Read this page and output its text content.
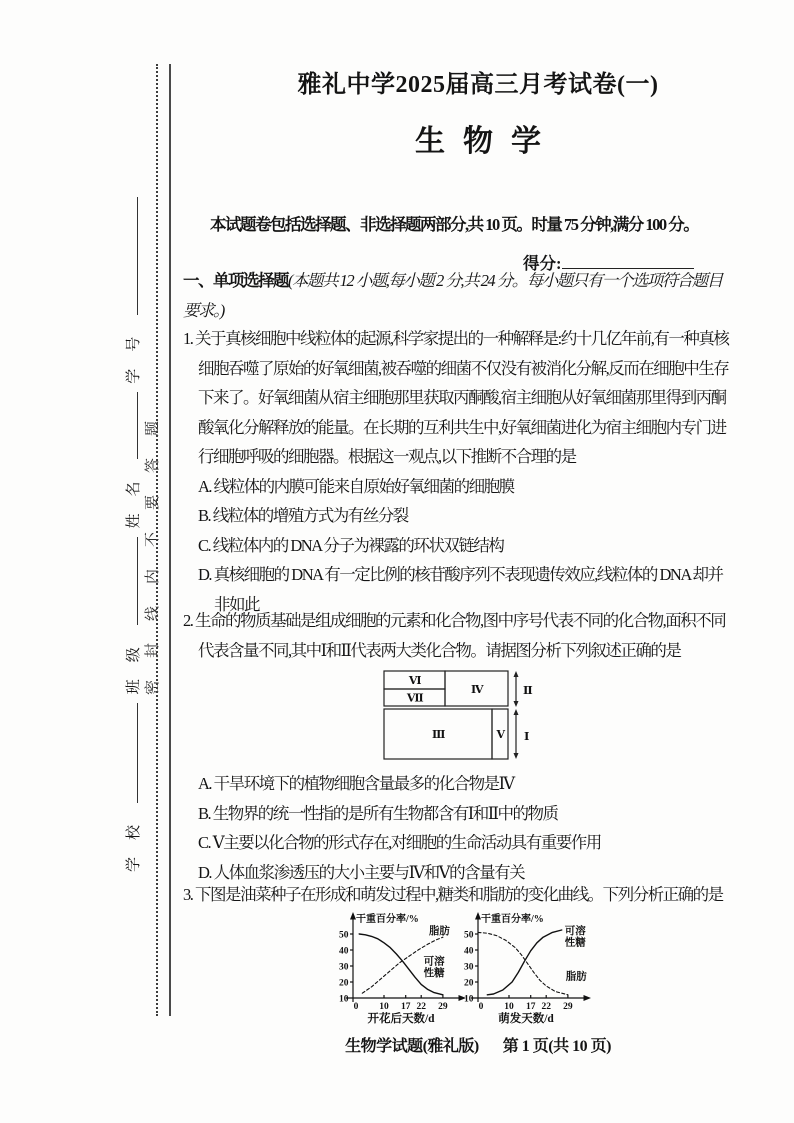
学校 班级 姓名 学号
密封线内不要答题
雅礼中学2025届高三月考试卷(一)
生物学
本试题卷包括选择题、非选择题两部分,共 10 页。时量 75 分钟,满分 100 分。
得分:
一、单项选择题(本题共 12 小题,每小题 2 分,共 24 分。每小题只有一个选项符合题目要求。)
1. 关于真核细胞中线粒体的起源,科学家提出的一种解释是:约十几亿年前,有一种真核细胞吞噬了原始的好氧细菌,被吞噬的细菌不仅没有被消化分解,反而在细胞中生存下来了。好氧细菌从宿主细胞那里获取丙酮酸,宿主细胞从好氧细菌那里得到丙酮酸氧化分解释放的能量。在长期的互利共生中,好氧细菌进化为宿主细胞内专门进行细胞呼吸的细胞器。根据这一观点,以下推断不合理的是
A. 线粒体的内膜可能来自原始好氧细菌的细胞膜
B. 线粒体的增殖方式为有丝分裂
C. 线粒体内的 DNA 分子为裸露的环状双链结构
D. 真核细胞的 DNA 有一定比例的核苷酸序列不表现遗传效应,线粒体的 DNA 却并非如此
2. 生命的物质基础是组成细胞的元素和化合物,图中序号代表不同的化合物,面积不同代表含量不同,其中Ⅰ和Ⅱ代表两大类化合物。请据图分析下列叙述正确的是
Ⅵ
Ⅶ
Ⅳ
Ⅲ	Ⅴ
Ⅱ
Ⅰ
A. 干旱环境下的植物细胞含量最多的化合物是Ⅳ
B. 生物界的统一性指的是所有生物都含有Ⅰ和Ⅱ中的物质
C. Ⅴ主要以化合物的形式存在,对细胞的生命活动具有重要作用
D. 人体血浆渗透压的大小主要与Ⅳ和Ⅴ的含量有关
3. 下图是油菜种子在形成和萌发过程中,糖类和脂肪的变化曲线。下列分析正确的是
10
20
30
40
50
0 10 17 22 29
干重百分率/%
开花后天数/d
可溶
性糖
脂肪
10
20
30
40
50
0 10 17 22 29
干重百分率/%
萌发天数/d
脂肪
可溶
性糖
生物学试题(雅礼版) 第 1 页(共 10 页)
